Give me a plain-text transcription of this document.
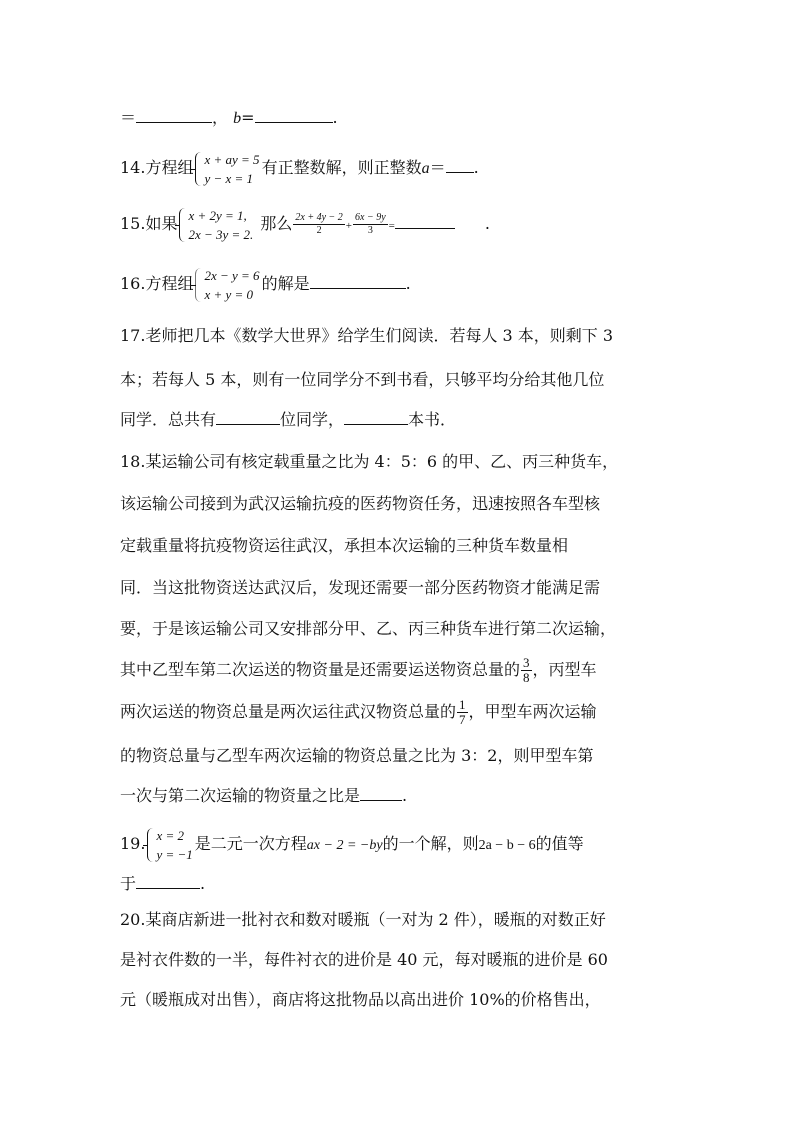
＝	， b=	.
14.方程组 x + ay = 5
y − x = 1
有正整数解，则正整数a＝ .
15.如果 x + 2y = 1,
2x − 3y = 2.
那么 $\frac{2x + 4y - 2}{2} + \frac{6x - 9y}{3}$ =	.
16.方程组 2x − y = 6
x + y = 0
的解是	.
17.老师把几本《数学大世界》给学生们阅读．若每人 3 本，则剩下 3
本；若每人 5 本，则有一位同学分不到书看，只够平均分给其他几位
同学．总共有	位同学，	本书．
18.某运输公司有核定载重量之比为 4：5：6 的甲、乙、丙三种货车，
该运输公司接到为武汉运输抗疫的医药物资任务，迅速按照各车型核
定载重量将抗疫物资运往武汉，承担本次运输的三种货车数量相
同．当这批物资送达武汉后，发现还需要一部分医药物资才能满足需
要，于是该运输公司又安排部分甲、乙、丙三种货车进行第二次运输，
其中乙型车第二次运送的物资量是还需要运送物资总量的 $\frac{3}{8}$ ，丙型车
两次运送的物资总量是两次运往武汉物资总量的 $\frac{1}{7}$ ，甲型车两次运输
的物资总量与乙型车两次运输的物资总量之比为 3：2，则甲型车第
一次与第二次运输的物资量之比是	.
19. x = 2
y = −1
是二元一次方程ax − 2 = −by的一个解，则2a − b − 6的值等
于	.
20.某商店新进一批衬衣和数对暖瓶（一对为 2 件），暖瓶的对数正好
是衬衣件数的一半，每件衬衣的进价是 40 元，每对暖瓶的进价是 60
元（暖瓶成对出售），商店将这批物品以高出进价 10%的价格售出，
